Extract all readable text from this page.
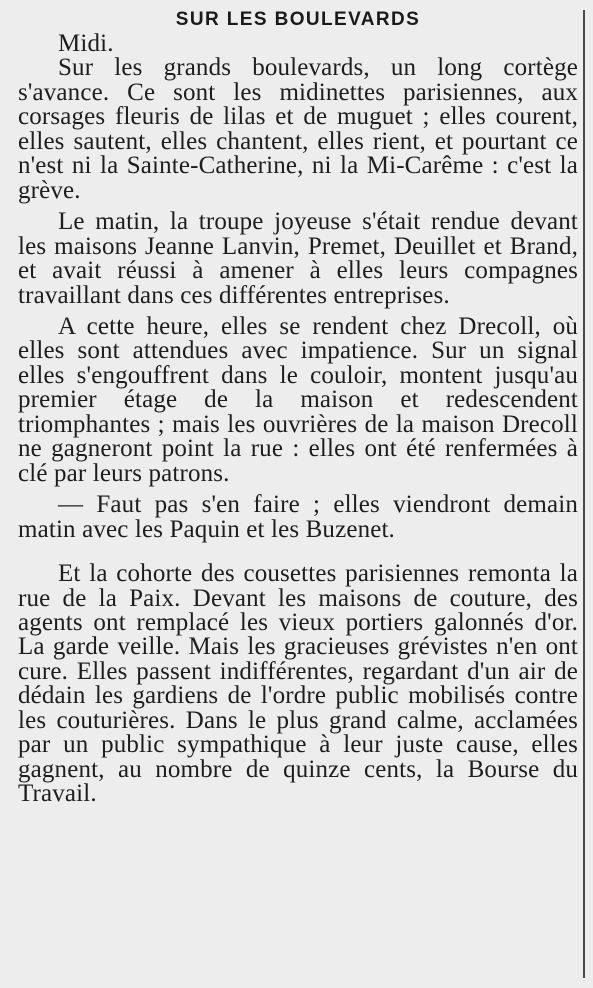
SUR LES BOULEVARDS

Midi.

Sur les grands boulevards, un long cortège s'avance. Ce sont les midinettes parisiennes, aux corsages fleuris de lilas et de muguet ; elles courent, elles sautent, elles chantent, elles rient, et pourtant ce n'est ni la Sainte-Catherine, ni la Mi-Carême : c'est la grève.

Le matin, la troupe joyeuse s'était rendue devant les maisons Jeanne Lanvin, Premet, Deuillet et Brand, et avait réussi à amener à elles leurs compagnes travaillant dans ces différentes entreprises.

A cette heure, elles se rendent chez Drecoll, où elles sont attendues avec impatience. Sur un signal elles s'engouffrent dans le couloir, montent jusqu'au premier étage de la maison et redescendent triomphantes ; mais les ouvrières de la maison Drecoll ne gagneront point la rue : elles ont été renfermées à clé par leurs patrons.

— Faut pas s'en faire ; elles viendront demain matin avec les Paquin et les Buzenet.

Et la cohorte des cousettes parisiennes remonta la rue de la Paix. Devant les maisons de couture, des agents ont remplacé les vieux portiers galonnés d'or. La garde veille. Mais les gracieuses grévistes n'en ont cure. Elles passent indifférentes, regardant d'un air de dédain les gardiens de l'ordre public mobilisés contre les couturières. Dans le plus grand calme, acclamées par un public sympathique à leur juste cause, elles gagnent, au nombre de quinze cents, la Bourse du Travail.
